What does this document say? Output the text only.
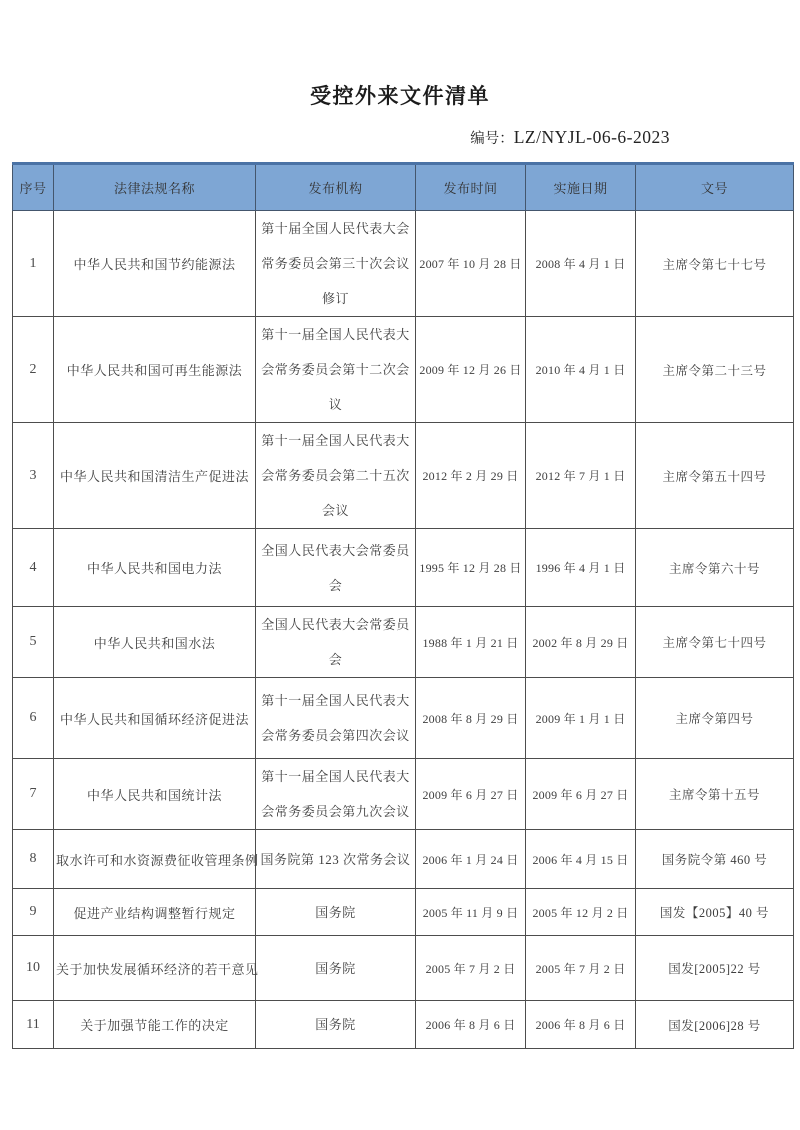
受控外来文件清单
编号：LZ/NYJL-06-6-2023
序号	法律法规名称	发布机构	发布时间	实施日期	文号
1	中华人民共和国节约能源法	第十届全国人民代表大会常务委员会第三十次会议修订	2007 年 10 月 28 日	2008 年 4 月 1 日	主席令第七十七号
2	中华人民共和国可再生能源法	第十一届全国人民代表大会常务委员会第十二次会议	2009 年 12 月 26 日	2010 年 4 月 1 日	主席令第二十三号
3	中华人民共和国清洁生产促进法	第十一届全国人民代表大会常务委员会第二十五次会议	2012 年 2 月 29 日	2012 年 7 月 1 日	主席令第五十四号
4	中华人民共和国电力法	全国人民代表大会常委员会	1995 年 12 月 28 日	1996 年 4 月 1 日	主席令第六十号
5	中华人民共和国水法	全国人民代表大会常委员会	1988 年 1 月 21 日	2002 年 8 月 29 日	主席令第七十四号
6	中华人民共和国循环经济促进法	第十一届全国人民代表大会常务委员会第四次会议	2008 年 8 月 29 日	2009 年 1 月 1 日	主席令第四号
7	中华人民共和国统计法	第十一届全国人民代表大会常务委员会第九次会议	2009 年 6 月 27 日	2009 年 6 月 27 日	主席令第十五号
8	取水许可和水资源费征收管理条例	国务院第 123 次常务会议	2006 年 1 月 24 日	2006 年 4 月 15 日	国务院令第 460 号
9	促进产业结构调整暂行规定	国务院	2005 年 11 月 9 日	2005 年 12 月 2 日	国发【2005】40 号
10	关于加快发展循环经济的若干意见	国务院	2005 年 7 月 2 日	2005 年 7 月 2 日	国发[2005]22 号
11	关于加强节能工作的决定	国务院	2006 年 8 月 6 日	2006 年 8 月 6 日	国发[2006]28 号
